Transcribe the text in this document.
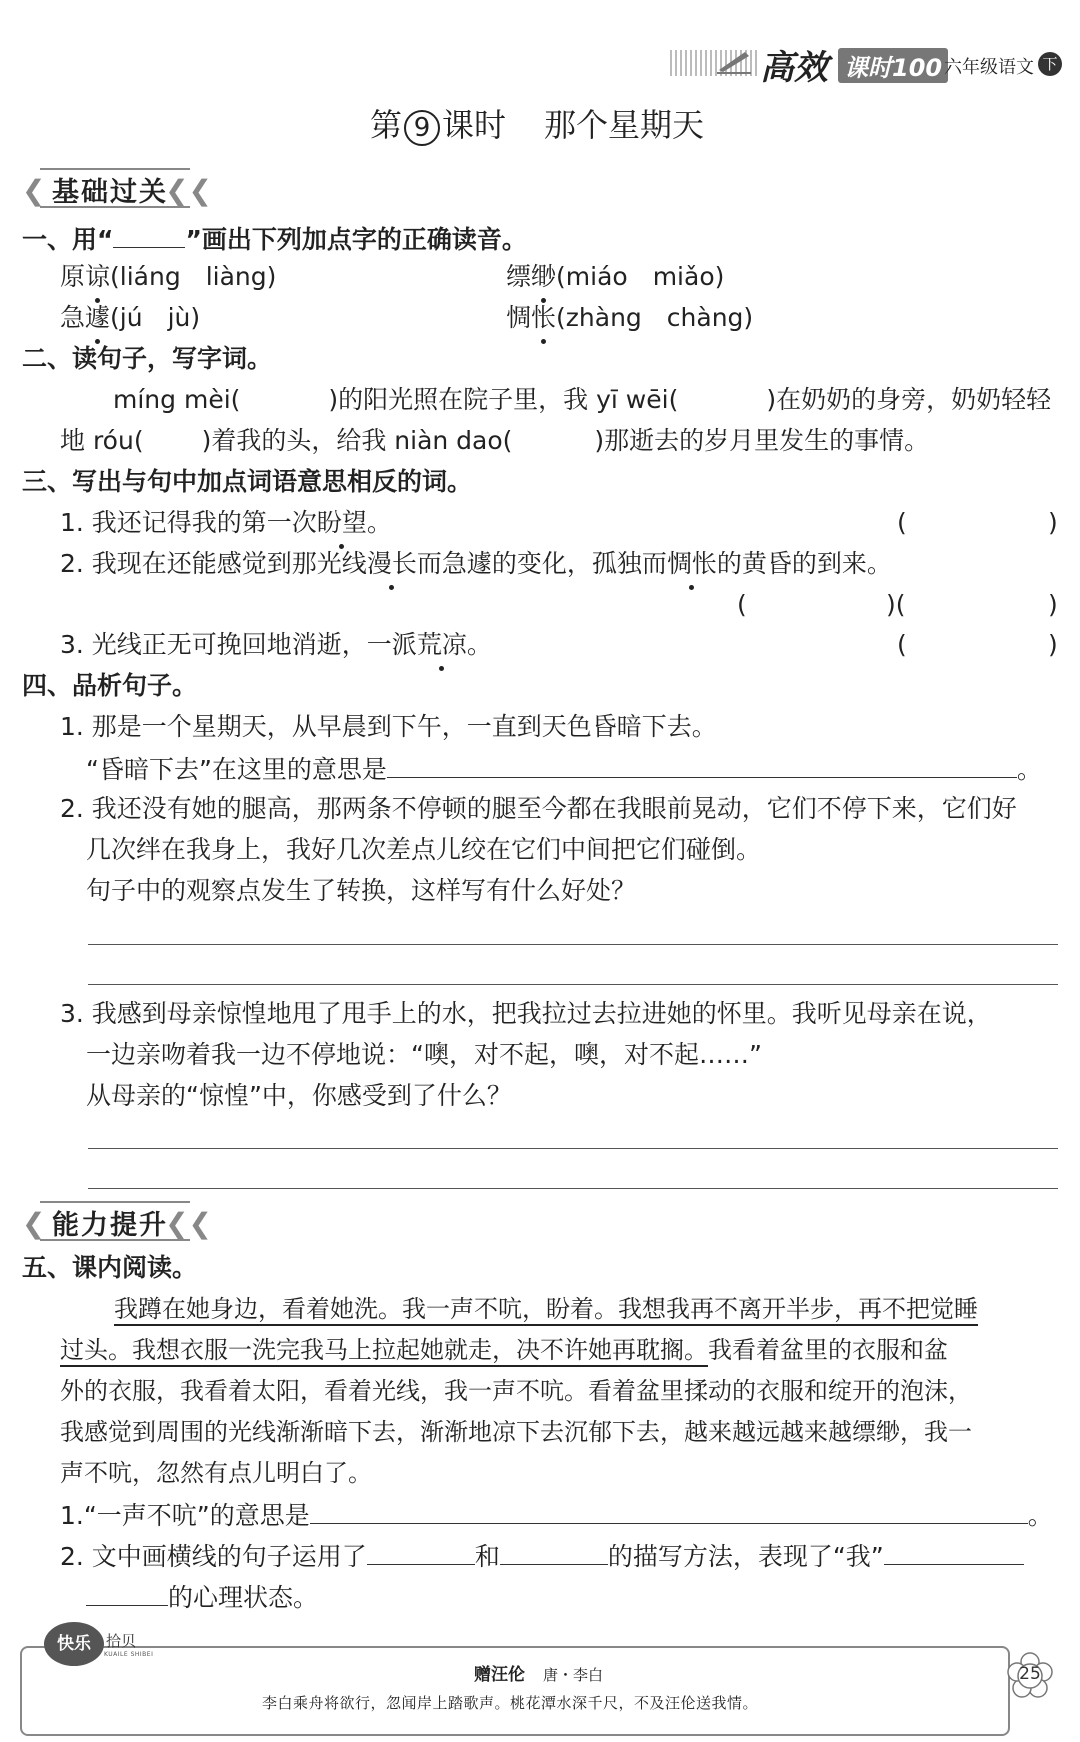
高效 课时100 六年级语文 下
第 9 课时 那个星期天
❮ 基础过关
❮❮
一、用“	”画出下列加点字的正确读音。
原谅(liáng　liàng)	缥缈(miáo　miǎo)
急遽(jú　jù)	惆怅(zhàng　chàng)
二、读句子，写字词。
míng mèi(	)的阳光照在院子里，我 yī wēi(	)在奶奶的身旁，奶奶轻轻
地 róu( )着我的头，给我 niàn dao(	)那逝去的岁月里发生的事情。
三、写出与句中加点词语意思相反的词。
1. 我还记得我的第一次盼望。	(	)
2. 我现在还能感觉到那光线漫长而急遽的变化，孤独而惆怅的黄昏的到来。
(	)(	)
3. 光线正无可挽回地消逝，一派荒凉。	(	)
四、品析句子。
1. 那是一个星期天，从早晨到下午，一直到天色昏暗下去。
“昏暗下去”在这里的意思是	。
2. 我还没有她的腿高，那两条不停顿的腿至今都在我眼前晃动，它们不停下来，它们好
几次绊在我身上，我好几次差点儿绞在它们中间把它们碰倒。
句子中的观察点发生了转换，这样写有什么好处？
3. 我感到母亲惊惶地甩了甩手上的水，把我拉过去拉进她的怀里。我听见母亲在说，
一边亲吻着我一边不停地说：“噢，对不起，噢，对不起……”
从母亲的“惊惶”中，你感受到了什么？
❮ 能力提升
❮❮
五、课内阅读。
我蹲在她身边，看着她洗。我一声不吭，盼着。我想我再不离开半步，再不把觉睡
过头。我想衣服一洗完我马上拉起她就走，决不许她再耽搁。我看着盆里的衣服和盆
外的衣服，我看着太阳，看着光线，我一声不吭。看着盆里揉动的衣服和绽开的泡沫，
我感觉到周围的光线渐渐暗下去，渐渐地凉下去沉郁下去，越来越远越来越缥缈，我一
声不吭，忽然有点儿明白了。
1.“一声不吭”的意思是	。
2. 文中画横线的句子运用了	和	的描写方法，表现了“我”
的心理状态。
快乐	拾贝
KUAILE SHIBEI
赠汪伦 唐・李白
李白乘舟将欲行，忽闻岸上踏歌声。桃花潭水深千尺，不及汪伦送我情。
25
